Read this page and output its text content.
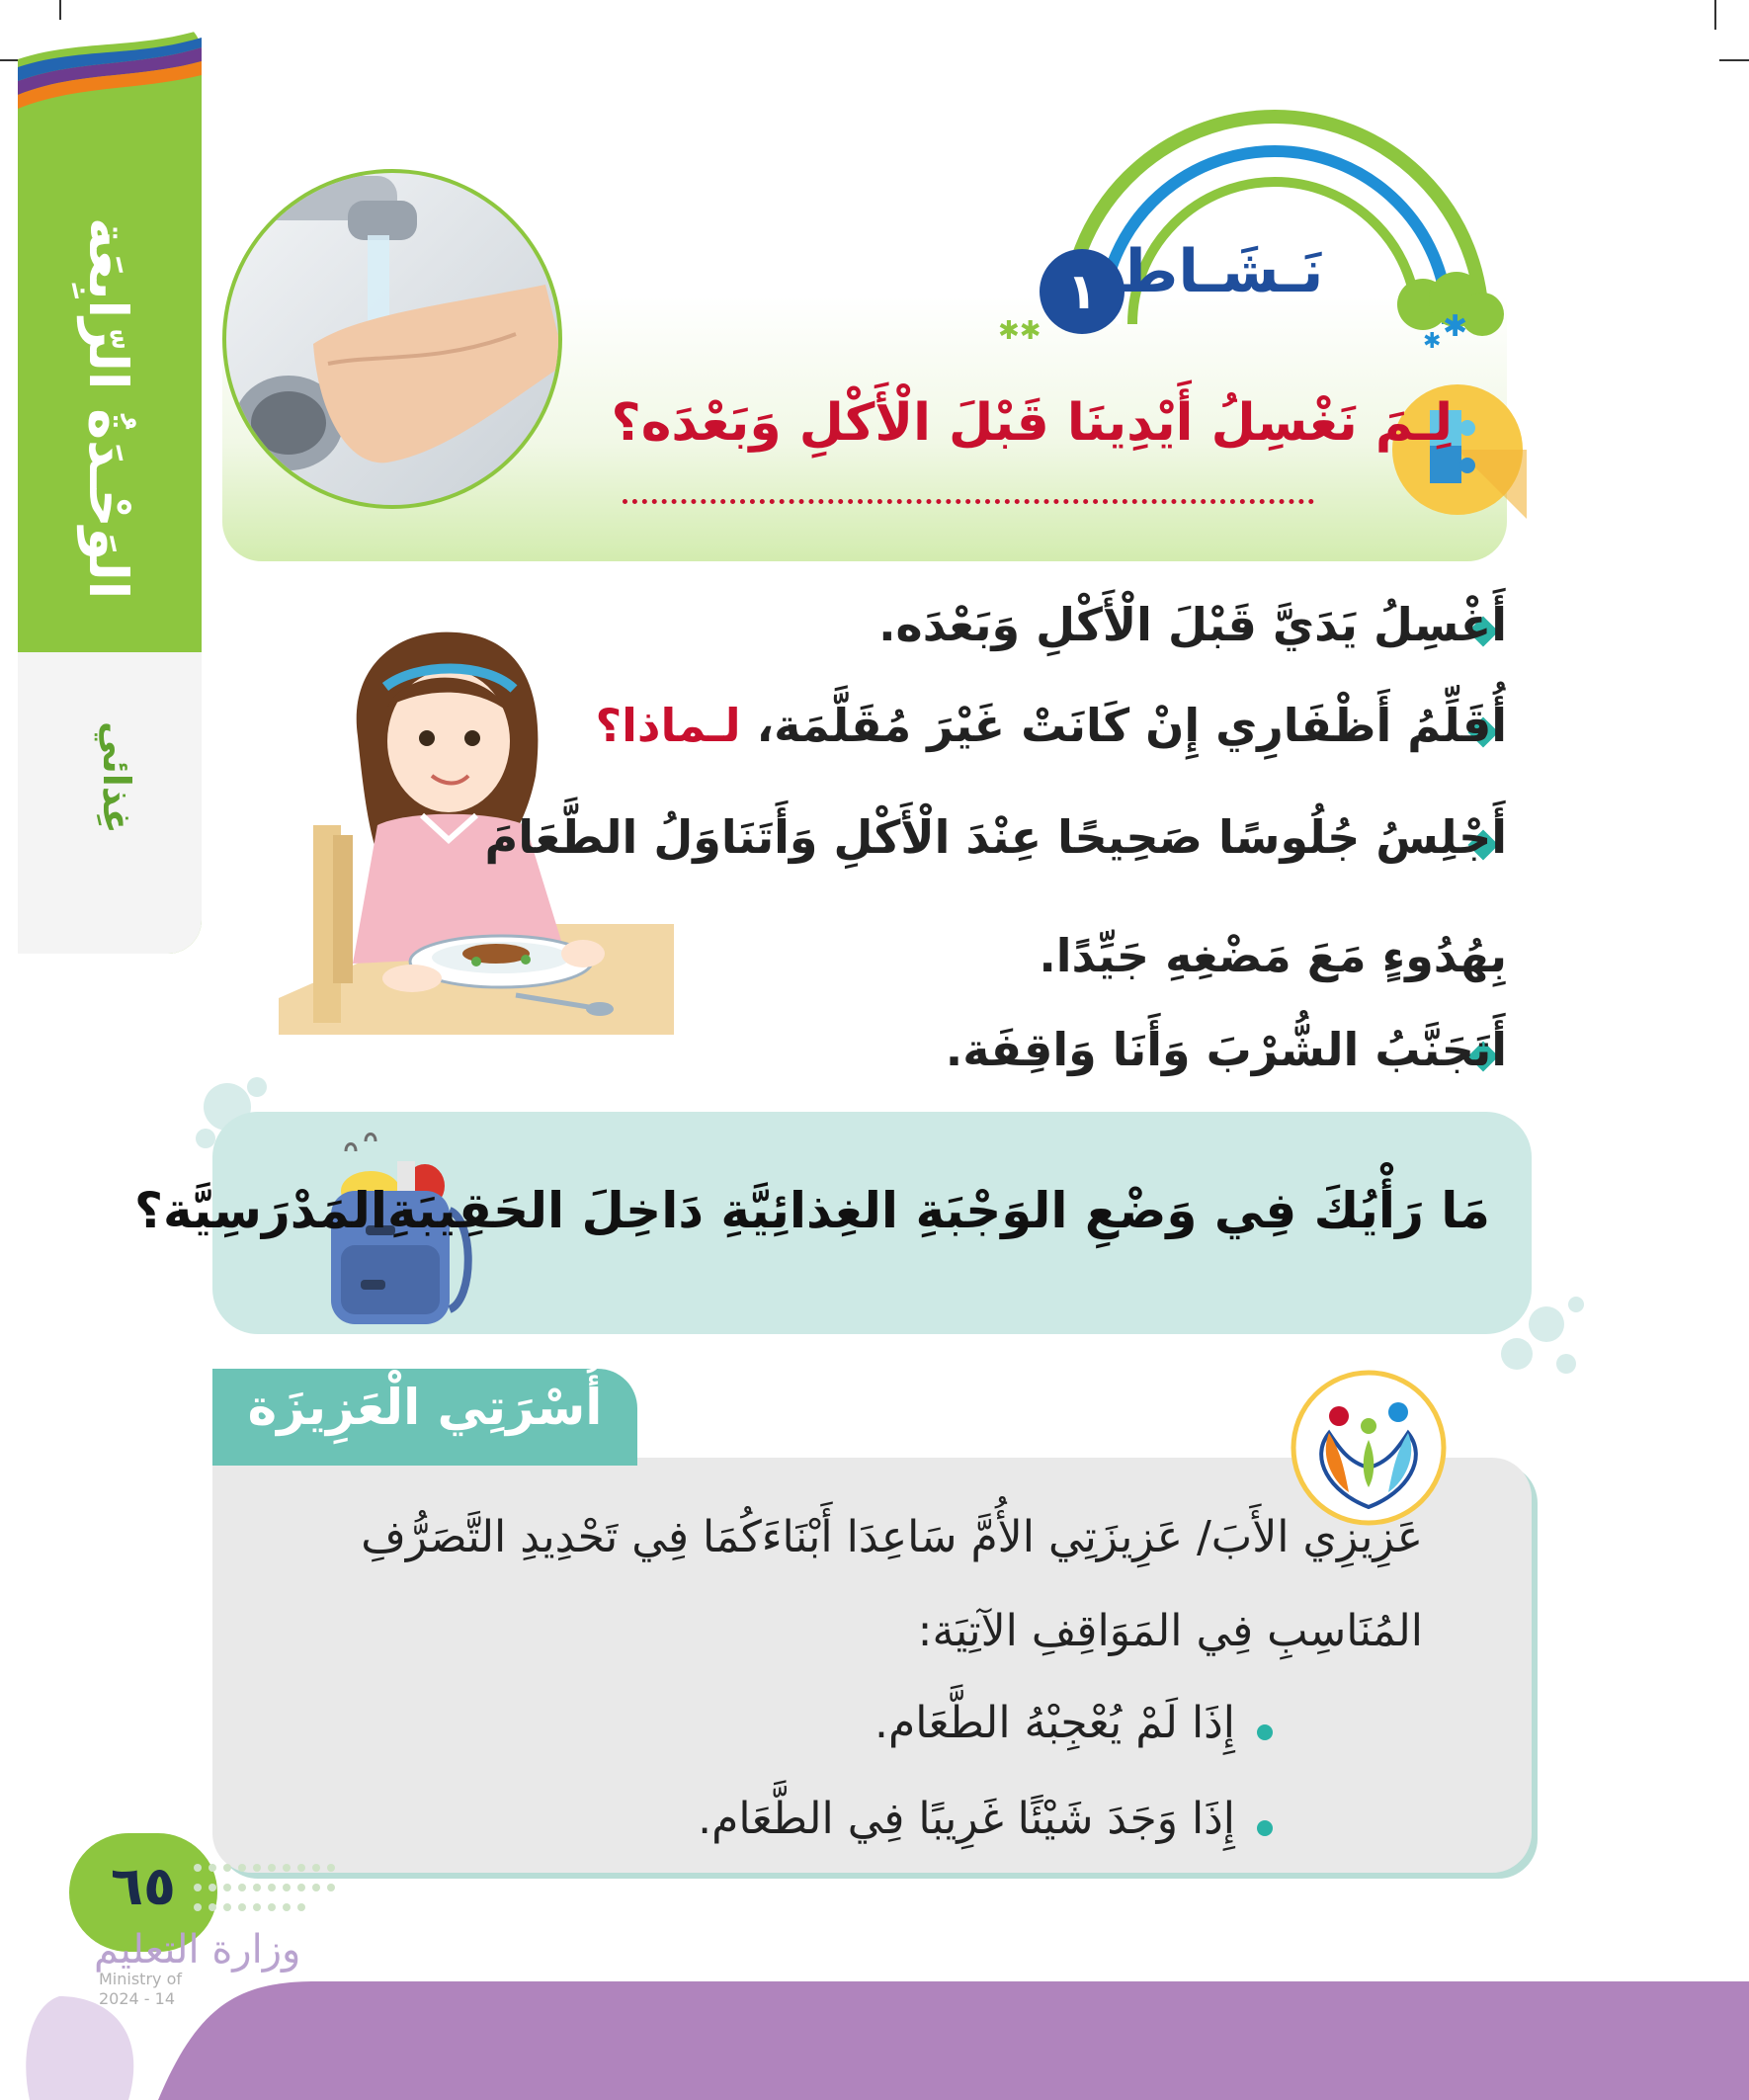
الوَحْـدَةُ الرّابِعَة
غِذائي
✱
✱
✱✱
١ نَـشَـاط
لِـمَ نَغْسِلُ أَيْدِينَا قَبْلَ الْأَكْلِ وَبَعْدَه؟
أَغْسِلُ يَدَيَّ قَبْلَ الْأَكْلِ وَبَعْدَه.
أُقَلِّمُ أَظْفَارِي إِنْ كَانَتْ غَيْرَ مُقَلَّمَة، لـماذا؟
أَجْلِسُ جُلُوسًا صَحِيحًا عِنْدَ الْأَكْلِ وَأَتَنَاوَلُ الطَّعَامَ
بِهُدُوءٍ مَعَ مَضْغِهِ جَيِّدًا.
أَتَجَنَّبُ الشُّرْبَ وَأَنَا وَاقِفَة.
مَا رَأْيُكَ فِي وَضْعِ الوَجْبَةِ الغِذائِيَّةِ دَاخِلَ الحَقِيبَةِالمَدْرَسِيَّة؟
أُسْرَتِي الْعَزِيزَة
عَزِيزِي الأَبَ/ عَزِيزَتِي الأُمَّ سَاعِدَا أَبْنَاءَكُمَا فِي تَحْدِيدِ التَّصَرُّفِ
المُنَاسِبِ فِي المَوَاقِفِ الآتِيَة:
إِذَا لَمْ يُعْجِبْهُ الطَّعَام.
إِذَا وَجَدَ شَيْئًا غَرِيبًا فِي الطَّعَام.
٦٥
وزارة التعليم
Ministry of
2024 - 14
